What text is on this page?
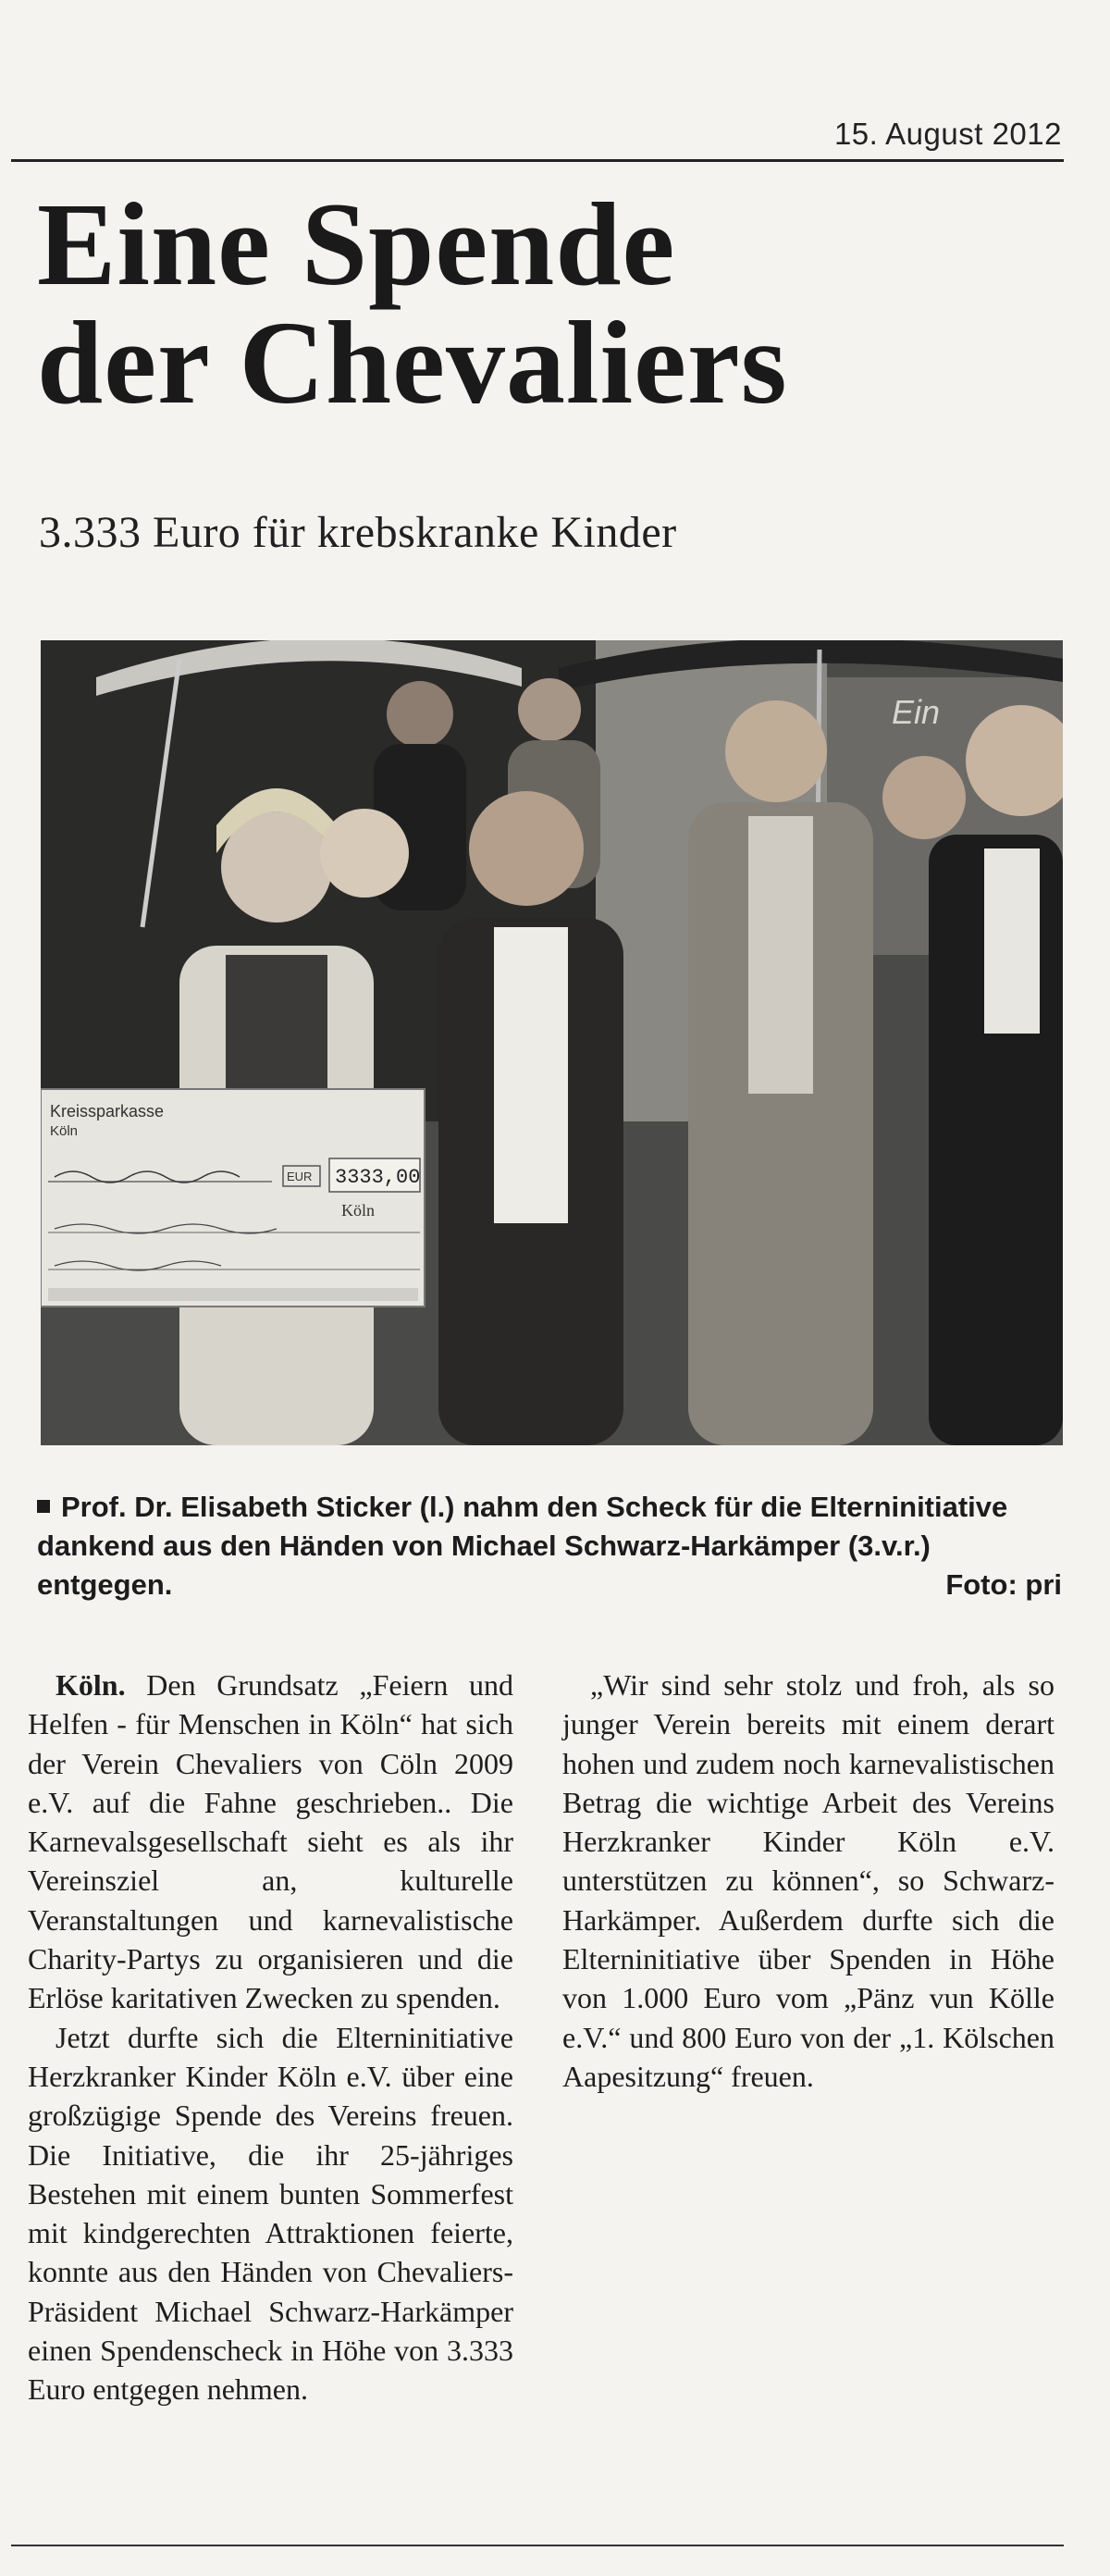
15. August 2012
Eine Spende
der Chevaliers
3.333 Euro für krebskranke Kinder
Ein
Kreissparkasse
Köln
EUR 3333,00
Köln

Prof. Dr. Elisabeth Sticker (l.) nahm den Scheck für die Elterninitiative dankend aus den Händen von Michael Schwarz-Harkämper (3.v.r.) entgegen.	Foto: pri

Köln. Den Grundsatz „Feiern und Helfen - für Menschen in Köln“ hat sich der Verein Chevaliers von Cöln 2009 e.V. auf die Fahne geschrieben.. Die Karnevalsgesellschaft sieht es als ihr Vereinsziel an, kulturelle Veranstaltungen und karnevalistische Charity-Partys zu organisieren und die Erlöse karitativen Zwecken zu spenden.

Jetzt durfte sich die Elterninitiative Herzkranker Kinder Köln e.V. über eine großzügige Spende des Vereins freuen. Die Initiative, die ihr 25-jähriges Bestehen mit einem bunten Sommerfest mit kindgerechten Attraktionen feierte, konnte aus den Händen von Chevaliers-Präsident Michael Schwarz-Harkämper einen Spendenscheck in Höhe von 3.333 Euro entgegen nehmen.

„Wir sind sehr stolz und froh, als so junger Verein bereits mit einem derart hohen und zudem noch karnevalistischen Betrag die wichtige Arbeit des Vereins Herzkranker Kinder Köln e.V. unterstützen zu können“, so Schwarz-Harkämper. Außerdem durfte sich die Elterninitiative über Spenden in Höhe von 1.000 Euro vom „Pänz vun Kölle e.V.“ und 800 Euro von der „1. Kölschen Aapesitzung“ freuen.
